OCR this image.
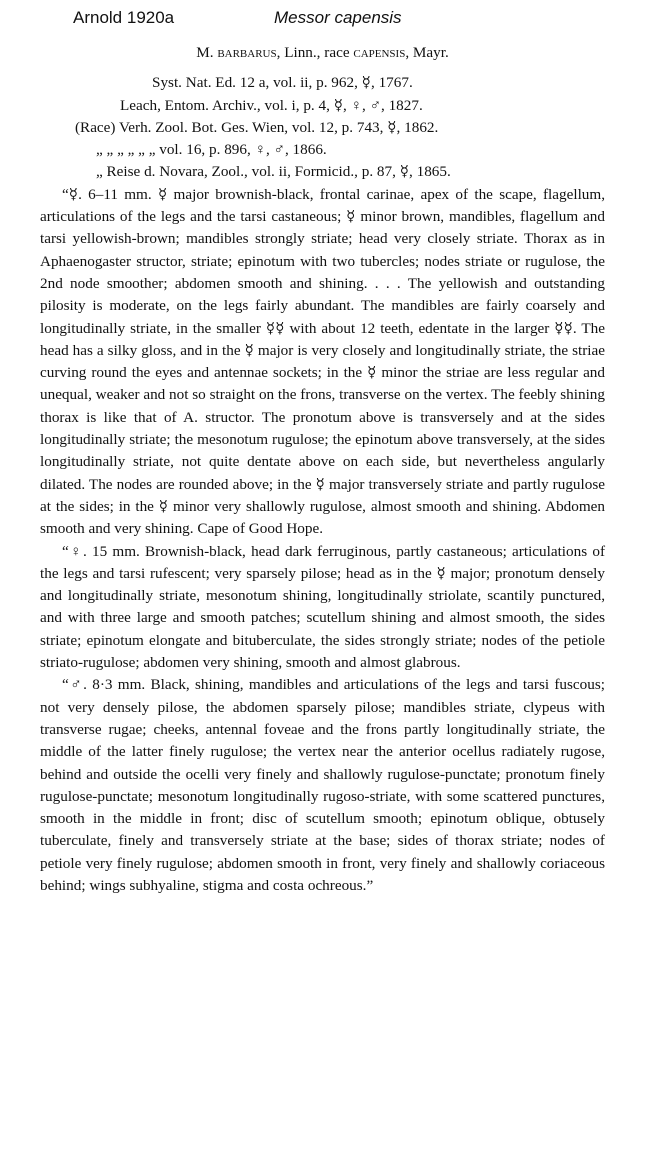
Arnold 1920a	Messor capensis
M. barbarus, Linn., race capensis, Mayr.
Syst. Nat. Ed. 12 a, vol. ii, p. 962, ☿, 1767.
Leach, Entom. Archiv., vol. i, p. 4, ☿, ♀, ♂, 1827.
(Race) Verh. Zool. Bot. Ges. Wien, vol. 12, p. 743, ☿, 1862.
„ „ „ „ „ „ vol. 16, p. 896, ♀, ♂, 1866.
„ Reise d. Novara, Zool., vol. ii, Formicid., p. 87, ☿, 1865.

“☿. 6–11 mm. ☿ major brownish-black, frontal carinae, apex of the scape, flagellum, articulations of the legs and the tarsi castaneous; ☿ minor brown, mandibles, flagellum and tarsi yellowish-brown; mandibles strongly striate; head very closely striate. Thorax as in Aphaenogaster structor, striate; epinotum with two tubercles; nodes striate or rugulose, the 2nd node smoother; abdomen smooth and shining. . . . The yellowish and outstanding pilosity is moderate, on the legs fairly abundant. The mandibles are fairly coarsely and longitudinally striate, in the smaller ☿☿ with about 12 teeth, edentate in the larger ☿☿. The head has a silky gloss, and in the ☿ major is very closely and longitudinally striate, the striae curving round the eyes and antennae sockets; in the ☿ minor the striae are less regular and unequal, weaker and not so straight on the frons, transverse on the vertex. The feebly shining thorax is like that of A. structor. The pronotum above is transversely and at the sides longitudinally striate; the mesonotum rugulose; the epinotum above transversely, at the sides longitudinally striate, not quite dentate above on each side, but nevertheless angularly dilated. The nodes are rounded above; in the ☿ major transversely striate and partly rugulose at the sides; in the ☿ minor very shallowly rugulose, almost smooth and shining. Abdomen smooth and very shining. Cape of Good Hope.

“♀. 15 mm. Brownish-black, head dark ferruginous, partly castaneous; articulations of the legs and tarsi rufescent; very sparsely pilose; head as in the ☿ major; pronotum densely and longitudinally striate, mesonotum shining, longitudinally striolate, scantily punctured, and with three large and smooth patches; scutellum shining and almost smooth, the sides striate; epinotum elongate and bituberculate, the sides strongly striate; nodes of the petiole striato-rugulose; abdomen very shining, smooth and almost glabrous.

“♂. 8·3 mm. Black, shining, mandibles and articulations of the legs and tarsi fuscous; not very densely pilose, the abdomen sparsely pilose; mandibles striate, clypeus with transverse rugae; cheeks, antennal foveae and the frons partly longitudinally striate, the middle of the latter finely rugulose; the vertex near the anterior ocellus radiately rugose, behind and outside the ocelli very finely and shallowly rugulose-punctate; pronotum finely rugulose-punctate; mesonotum longitudinally rugoso-striate, with some scattered punctures, smooth in the middle in front; disc of scutellum smooth; epinotum oblique, obtusely tuberculate, finely and transversely striate at the base; sides of thorax striate; nodes of petiole very finely rugulose; abdomen smooth in front, very finely and shallowly coriaceous behind; wings subhyaline, stigma and costa ochreous.”
